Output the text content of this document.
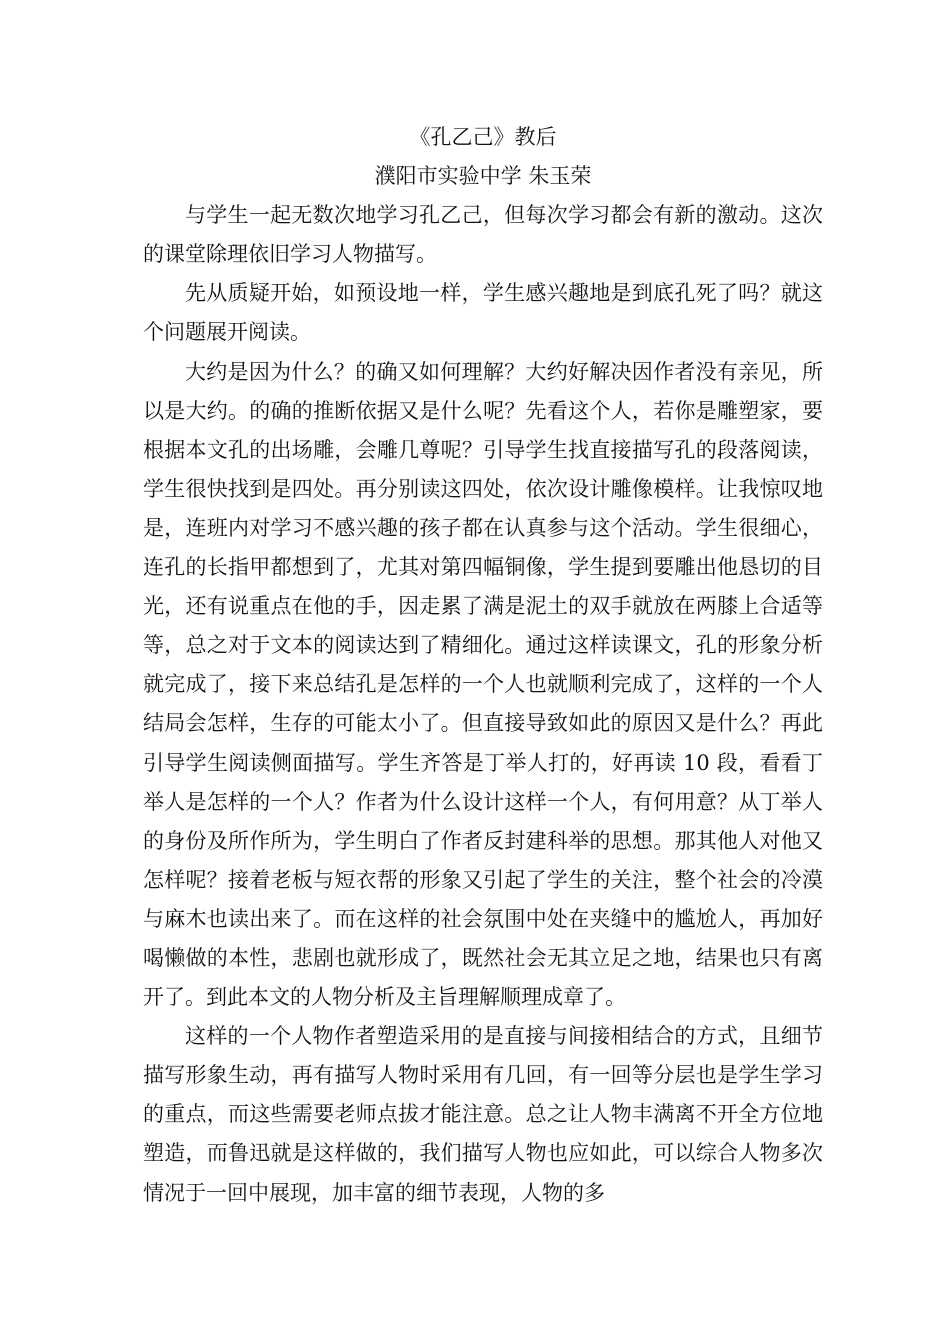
《孔乙己》教后
濮阳市实验中学 朱玉荣

与学生一起无数次地学习孔乙己，但每次学习都会有新的激动。这次的课堂除理依旧学习人物描写。

先从质疑开始，如预设地一样，学生感兴趣地是到底孔死了吗？就这个问题展开阅读。

大约是因为什么？的确又如何理解？大约好解决因作者没有亲见，所以是大约。的确的推断依据又是什么呢？先看这个人，若你是雕塑家，要根据本文孔的出场雕，会雕几尊呢？引导学生找直接描写孔的段落阅读，学生很快找到是四处。再分别读这四处，依次设计雕像模样。让我惊叹地是，连班内对学习不感兴趣的孩子都在认真参与这个活动。学生很细心，连孔的长指甲都想到了，尤其对第四幅铜像，学生提到要雕出他恳切的目光，还有说重点在他的手，因走累了满是泥土的双手就放在两膝上合适等等，总之对于文本的阅读达到了精细化。通过这样读课文，孔的形象分析就完成了，接下来总结孔是怎样的一个人也就顺利完成了，这样的一个人结局会怎样，生存的可能太小了。但直接导致如此的原因又是什么？再此引导学生阅读侧面描写。学生齐答是丁举人打的，好再读 10 段，看看丁举人是怎样的一个人？作者为什么设计这样一个人，有何用意？从丁举人的身份及所作所为，学生明白了作者反封建科举的思想。那其他人对他又怎样呢？接着老板与短衣帮的形象又引起了学生的关注，整个社会的冷漠与麻木也读出来了。而在这样的社会氛围中处在夹缝中的尴尬人，再加好喝懒做的本性，悲剧也就形成了，既然社会无其立足之地，结果也只有离开了。到此本文的人物分析及主旨理解顺理成章了。

这样的一个人物作者塑造采用的是直接与间接相结合的方式，且细节描写形象生动，再有描写人物时采用有几回，有一回等分层也是学生学习的重点，而这些需要老师点拔才能注意。总之让人物丰满离不开全方位地塑造，而鲁迅就是这样做的，我们描写人物也应如此，可以综合人物多次情况于一回中展现，加丰富的细节表现，人物的多
